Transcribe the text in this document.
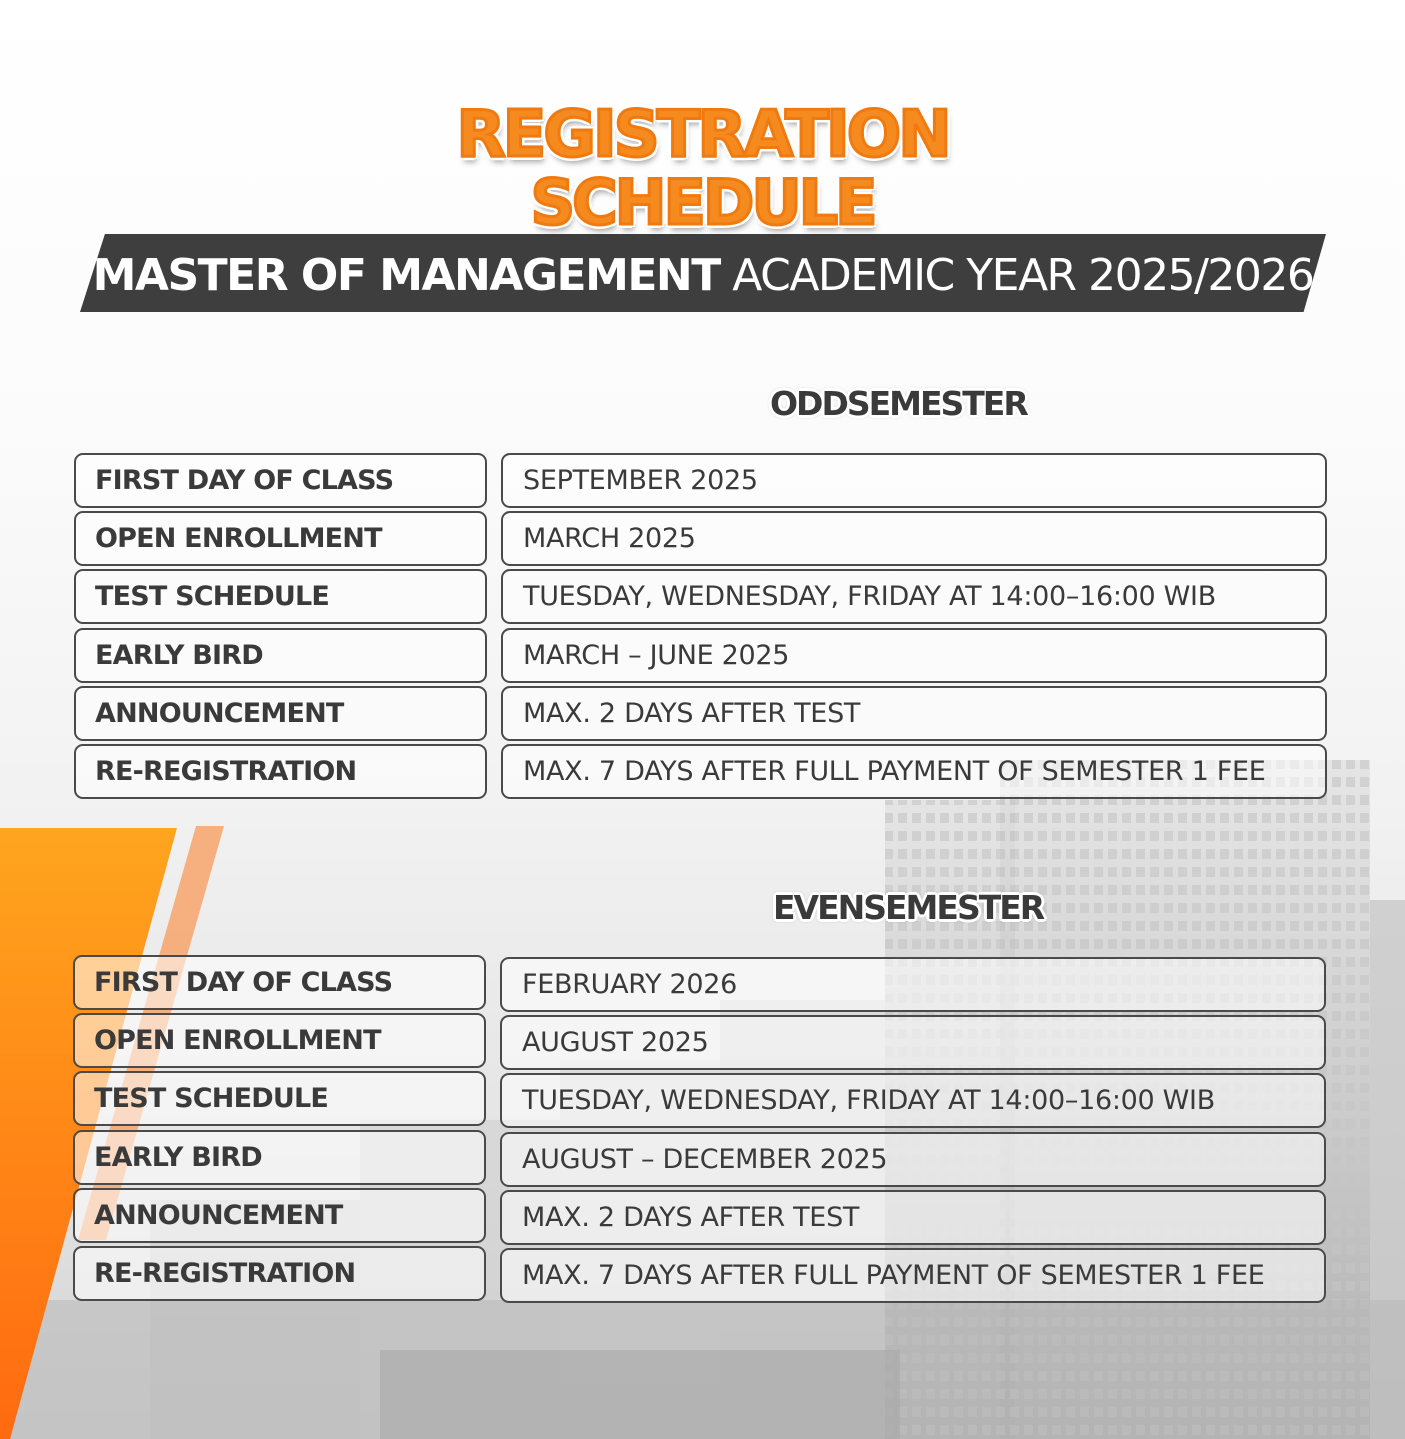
REGISTRATION
SCHEDULE
MASTER OF MANAGEMENT ACADEMIC YEAR 2025/2026
ODDSEMESTER
FIRST DAY OF CLASS	SEPTEMBER 2025
OPEN ENROLLMENT	MARCH 2025
TEST SCHEDULE	TUESDAY, WEDNESDAY, FRIDAY AT 14:00–16:00 WIB
EARLY BIRD	MARCH – JUNE 2025
ANNOUNCEMENT	MAX. 2 DAYS AFTER TEST
RE-REGISTRATION	MAX. 7 DAYS AFTER FULL PAYMENT OF SEMESTER 1 FEE
EVENSEMESTER
FIRST DAY OF CLASS	FEBRUARY 2026
OPEN ENROLLMENT	AUGUST 2025
TEST SCHEDULE	TUESDAY, WEDNESDAY, FRIDAY AT 14:00–16:00 WIB
EARLY BIRD	AUGUST – DECEMBER 2025
ANNOUNCEMENT	MAX. 2 DAYS AFTER TEST
RE-REGISTRATION	MAX. 7 DAYS AFTER FULL PAYMENT OF SEMESTER 1 FEE
